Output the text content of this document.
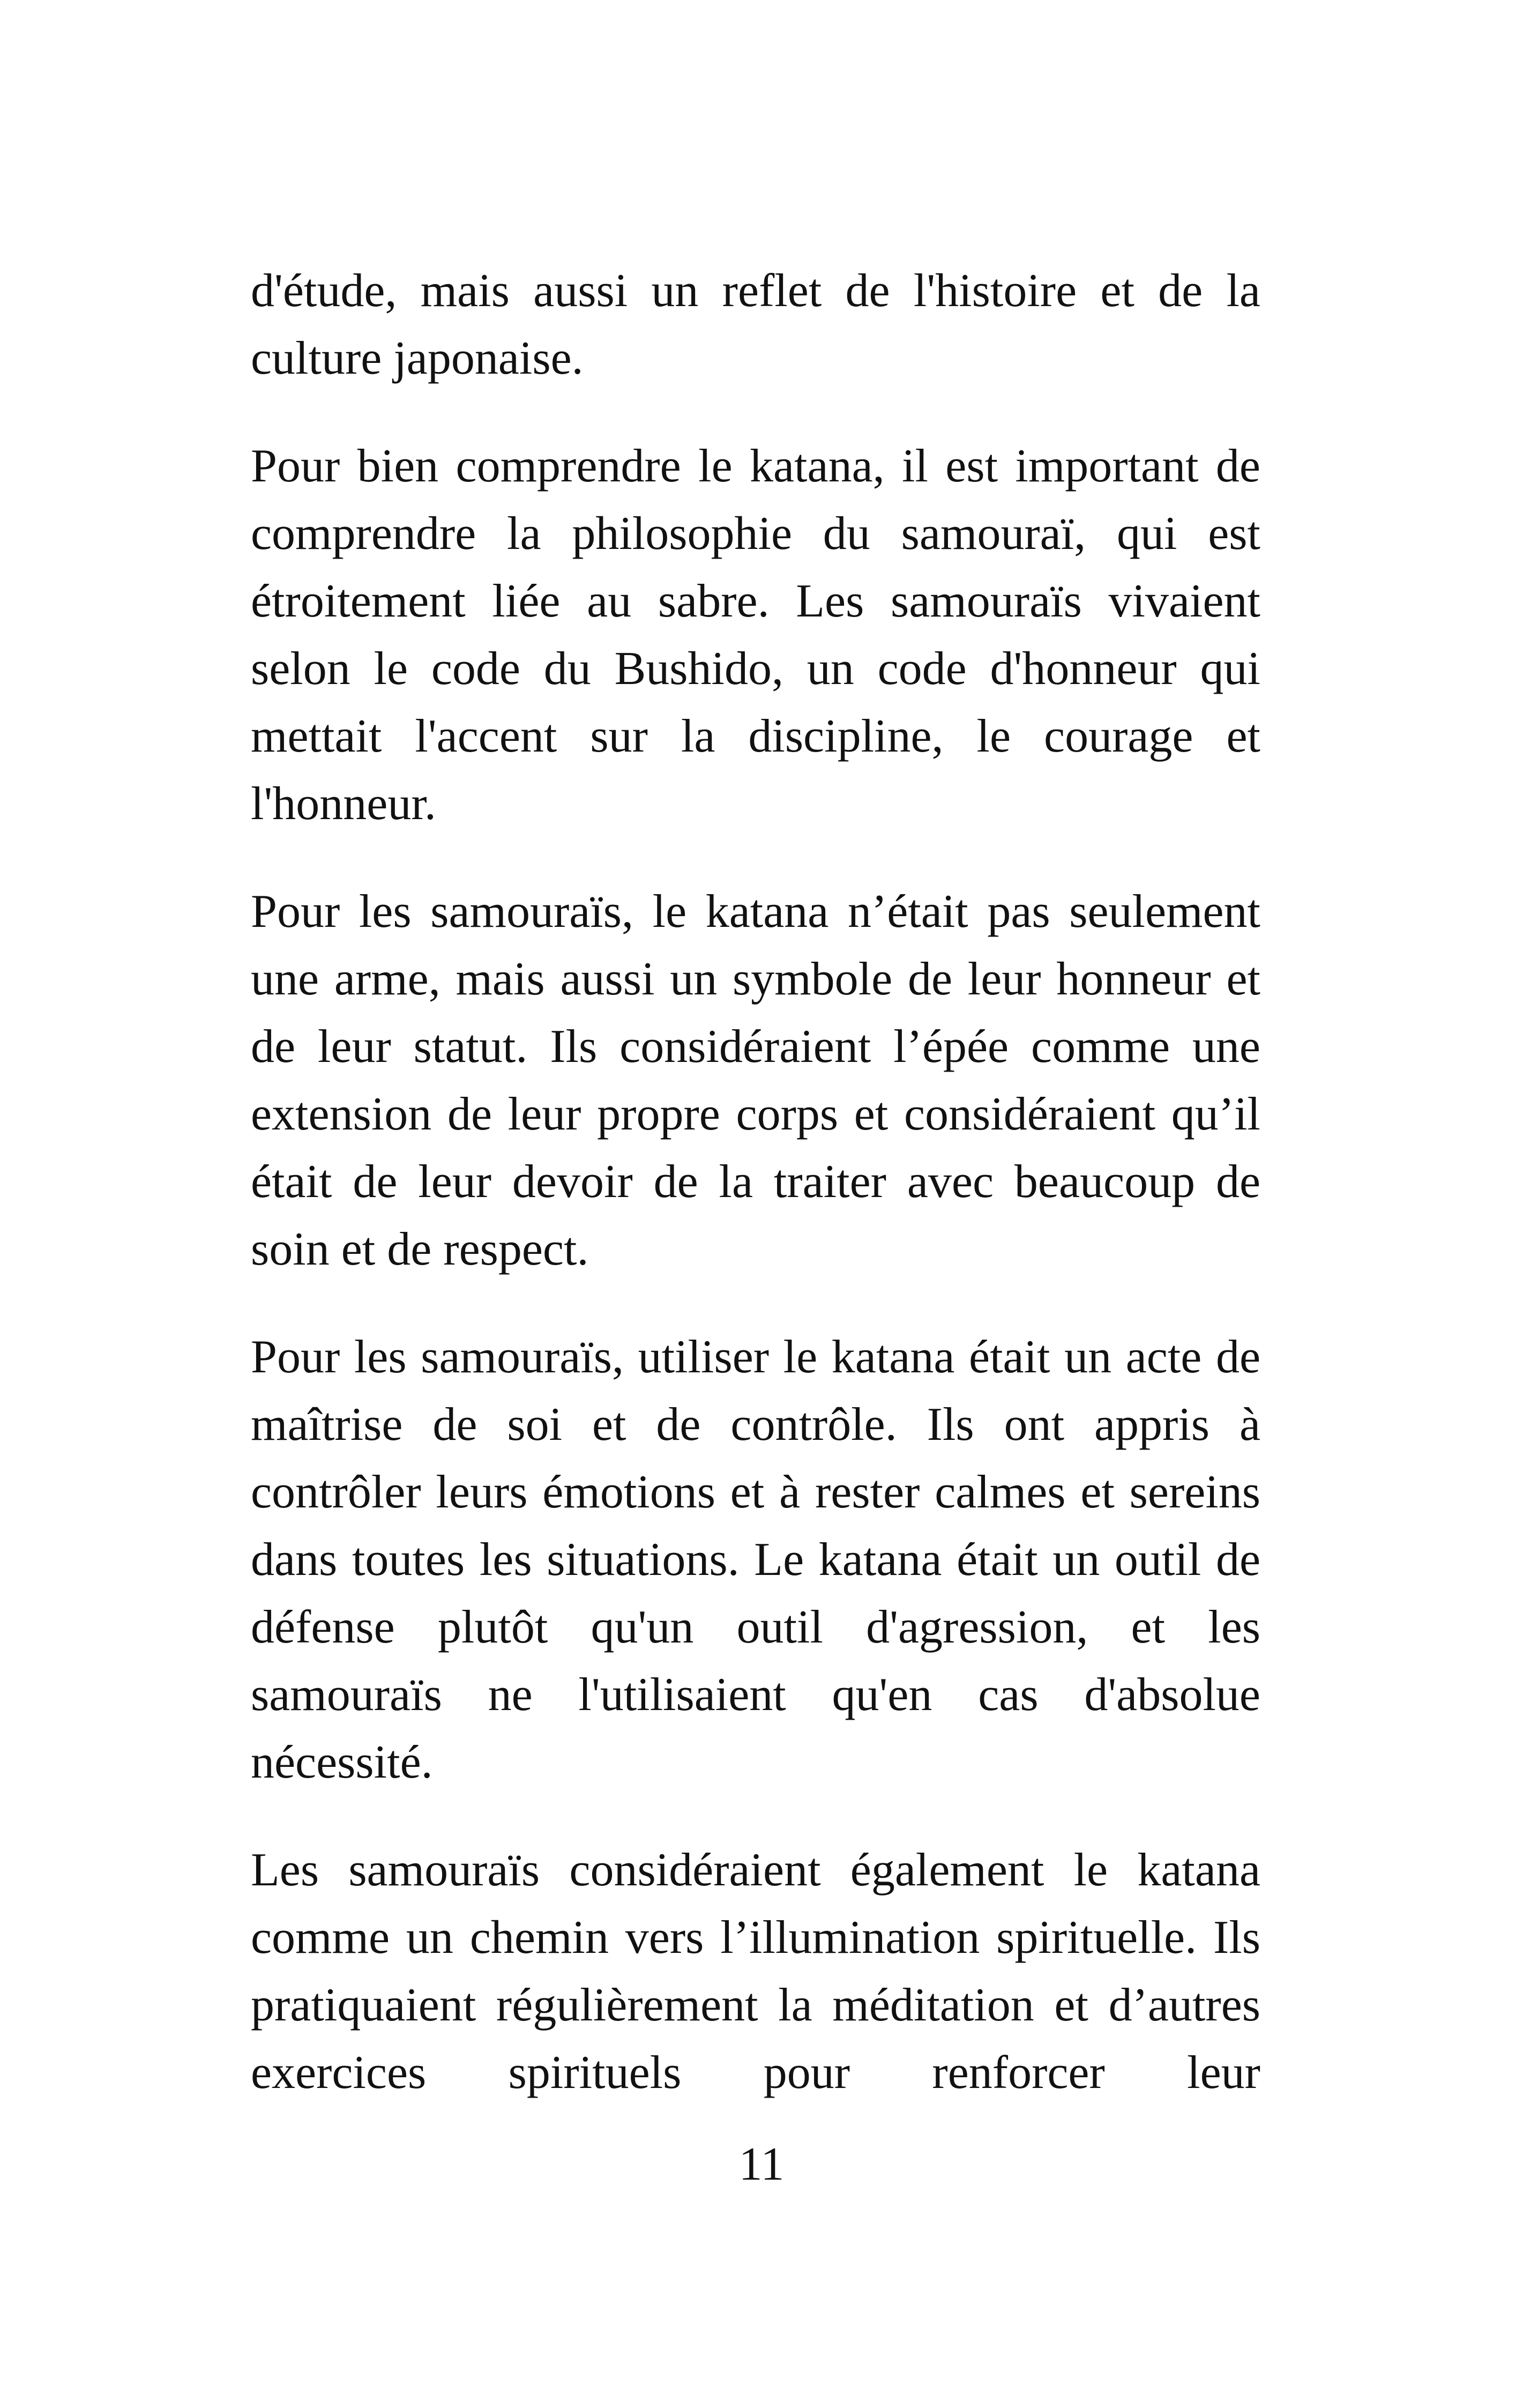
d'étude, mais aussi un reflet de l'histoire et de la culture japonaise.

Pour bien comprendre le katana, il est important de comprendre la philosophie du samouraï, qui est étroitement liée au sabre. Les samouraïs vivaient selon le code du Bushido, un code d'honneur qui mettait l'accent sur la discipline, le courage et l'honneur.

Pour les samouraïs, le katana n’était pas seulement une arme, mais aussi un symbole de leur honneur et de leur statut. Ils considéraient l’épée comme une extension de leur propre corps et considéraient qu’il était de leur devoir de la traiter avec beaucoup de soin et de respect.

Pour les samouraïs, utiliser le katana était un acte de maîtrise de soi et de contrôle. Ils ont appris à contrôler leurs émotions et à rester calmes et sereins dans toutes les situations. Le katana était un outil de défense plutôt qu'un outil d'agression, et les samouraïs ne l'utilisaient qu'en cas d'absolue nécessité.

Les samouraïs considéraient également le katana comme un chemin vers l’illumination spirituelle. Ils pratiquaient régulièrement la méditation et d’autres exercices spirituels pour renforcer leur

11
